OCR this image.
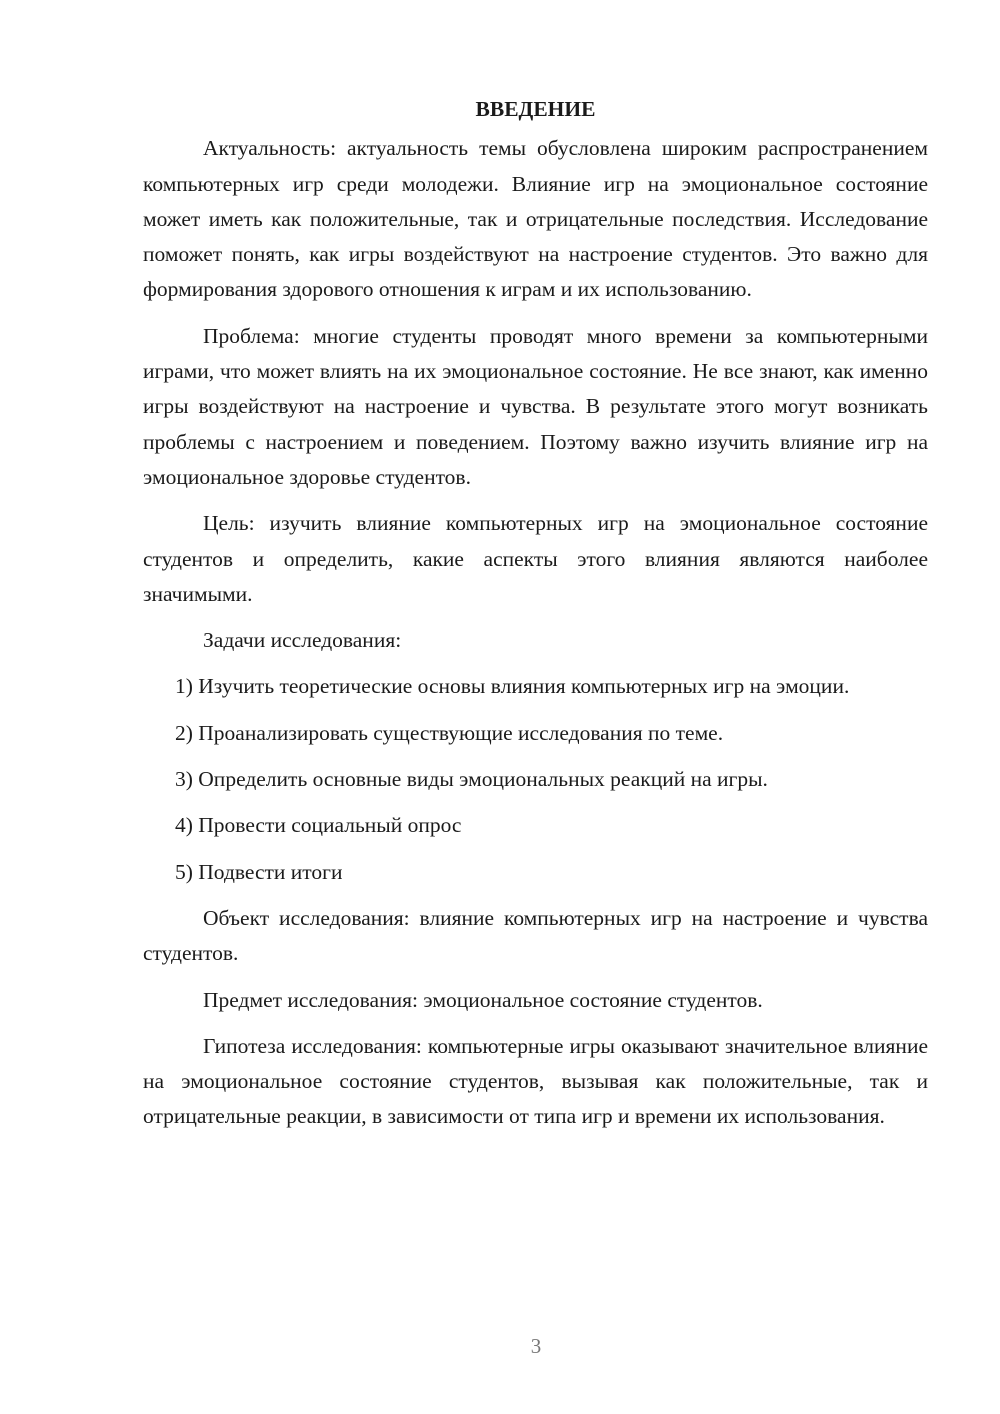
ВВЕДЕНИЕ

Актуальность: актуальность темы обусловлена широким распространением компьютерных игр среди молодежи. Влияние игр на эмоциональное состояние может иметь как положительные, так и отрицательные последствия. Исследование поможет понять, как игры воздействуют на настроение студентов. Это важно для формирования здорового отношения к играм и их использованию.

Проблема: многие студенты проводят много времени за компьютерными играми, что может влиять на их эмоциональное состояние. Не все знают, как именно игры воздействуют на настроение и чувства. В результате этого могут возникать проблемы с настроением и поведением. Поэтому важно изучить влияние игр на эмоциональное здоровье студентов.

Цель: изучить влияние компьютерных игр на эмоциональное состояние студентов и определить, какие аспекты этого влияния являются наиболее значимыми.

Задачи исследования:

1) Изучить теоретические основы влияния компьютерных игр на эмоции.

2) Проанализировать существующие исследования по теме.

3) Определить основные виды эмоциональных реакций на игры.

4) Провести социальный опрос

5) Подвести итоги

Объект исследования: влияние компьютерных игр на настроение и чувства студентов.

Предмет исследования: эмоциональное состояние студентов.

Гипотеза исследования: компьютерные игры оказывают значительное влияние на эмоциональное состояние студентов, вызывая как положительные, так и отрицательные реакции, в зависимости от типа игр и времени их использования.

3
